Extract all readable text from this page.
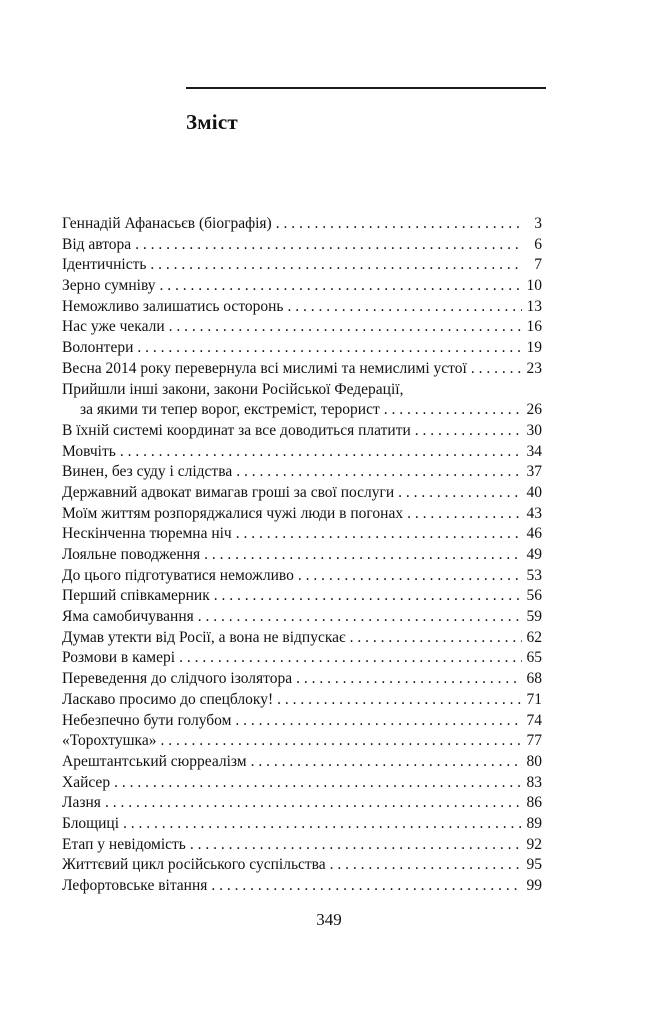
Зміст
Геннадій Афанасьєв (біографія) . . .	3
Від автора . . .	6
Ідентичність . . .	7
Зерно сумніву . . .	10
Неможливо залишатись осторонь . . .	13
Нас уже чекали . . .	16
Волонтери . . .	19
Весна 2014 року перевернула всі мислимі та немислимі устої . . .	23
Прийшли інші закони, закони Російської Федерації,
за якими ти тепер ворог, екстреміст, терорист . . .	26
В їхній системі координат за все доводиться платити . . .	30
Мовчіть . . .	34
Винен, без суду і слідства . . .	37
Державний адвокат вимагав гроші за свої послуги . . .	40
Моїм життям розпоряджалися чужі люди в погонах . . .	43
Нескінченна тюремна ніч . . .	46
Лояльне поводження . . .	49
До цього підготуватися неможливо . . .	53
Перший співкамерник . . .	56
Яма самобичування . . .	59
Думав утекти від Росії, а вона не відпускає . . .	62
Розмови в камері . . .	65
Переведення до слідчого ізолятора . . .	68
Ласкаво просимо до спецблоку! . . .	71
Небезпечно бути голубом . . .	74
«Торохтушка» . . .	77
Арештантський сюрреалізм . . .	80
Хайсер . . .	83
Лазня . . .	86
Блощиці . . .	89
Етап у невідомість . . .	92
Життєвий цикл російського суспільства . . .	95
Лефортовське вітання . . .	99
349
